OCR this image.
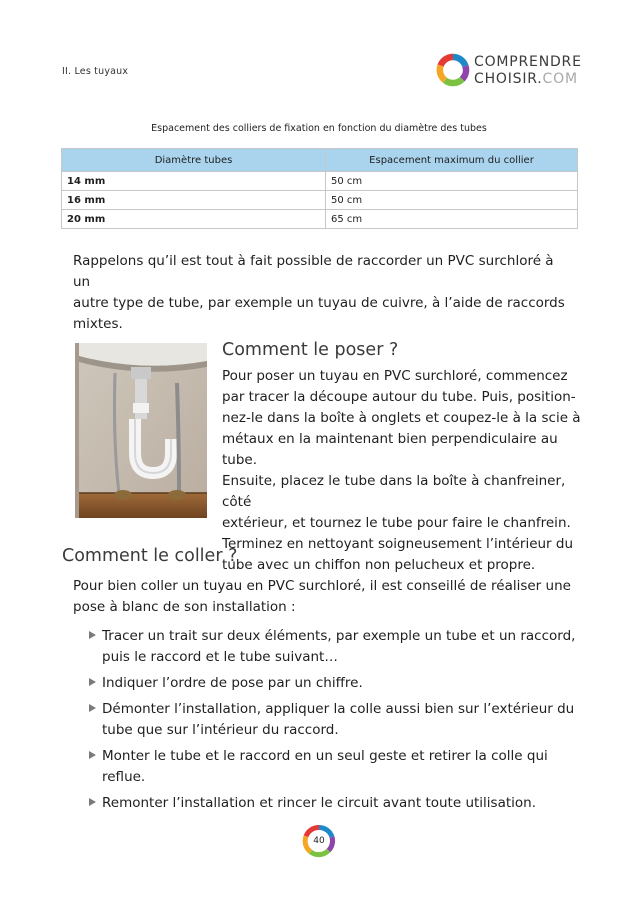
II. Les tuyaux
COMPRENDRE
CHOISIR.COM
Espacement des colliers de fixation en fonction du diamètre des tubes
Diamètre tubes	Espacement maximum du collier
14 mm	50 cm
16 mm	50 cm
20 mm	65 cm
Rappelons qu’il est tout à fait possible de raccorder un PVC surchloré à un
autre type de tube, par exemple un tuyau de cuivre, à l’aide de raccords
mixtes.
Comment le poser ?
Pour poser un tuyau en PVC surchloré, commencez
par tracer la découpe autour du tube. Puis, position-
nez-le dans la boîte à onglets et coupez-le à la scie à
métaux en la maintenant bien perpendiculaire au tube.
Ensuite, placez le tube dans la boîte à chanfreiner, côté
extérieur, et tournez le tube pour faire le chanfrein.
Terminez en nettoyant soigneusement l’intérieur du
tube avec un chiffon non pelucheux et propre.
Comment le coller ?
Pour bien coller un tuyau en PVC surchloré, il est conseillé de réaliser une
pose à blanc de son installation :
Tracer un trait sur deux éléments, par exemple un tube et un raccord,
puis le raccord et le tube suivant…
Indiquer l’ordre de pose par un chiffre.
Démonter l’installation, appliquer la colle aussi bien sur l’extérieur du
tube que sur l’intérieur du raccord.
Monter le tube et le raccord en un seul geste et retirer la colle qui reflue.
Remonter l’installation et rincer le circuit avant toute utilisation.
40
